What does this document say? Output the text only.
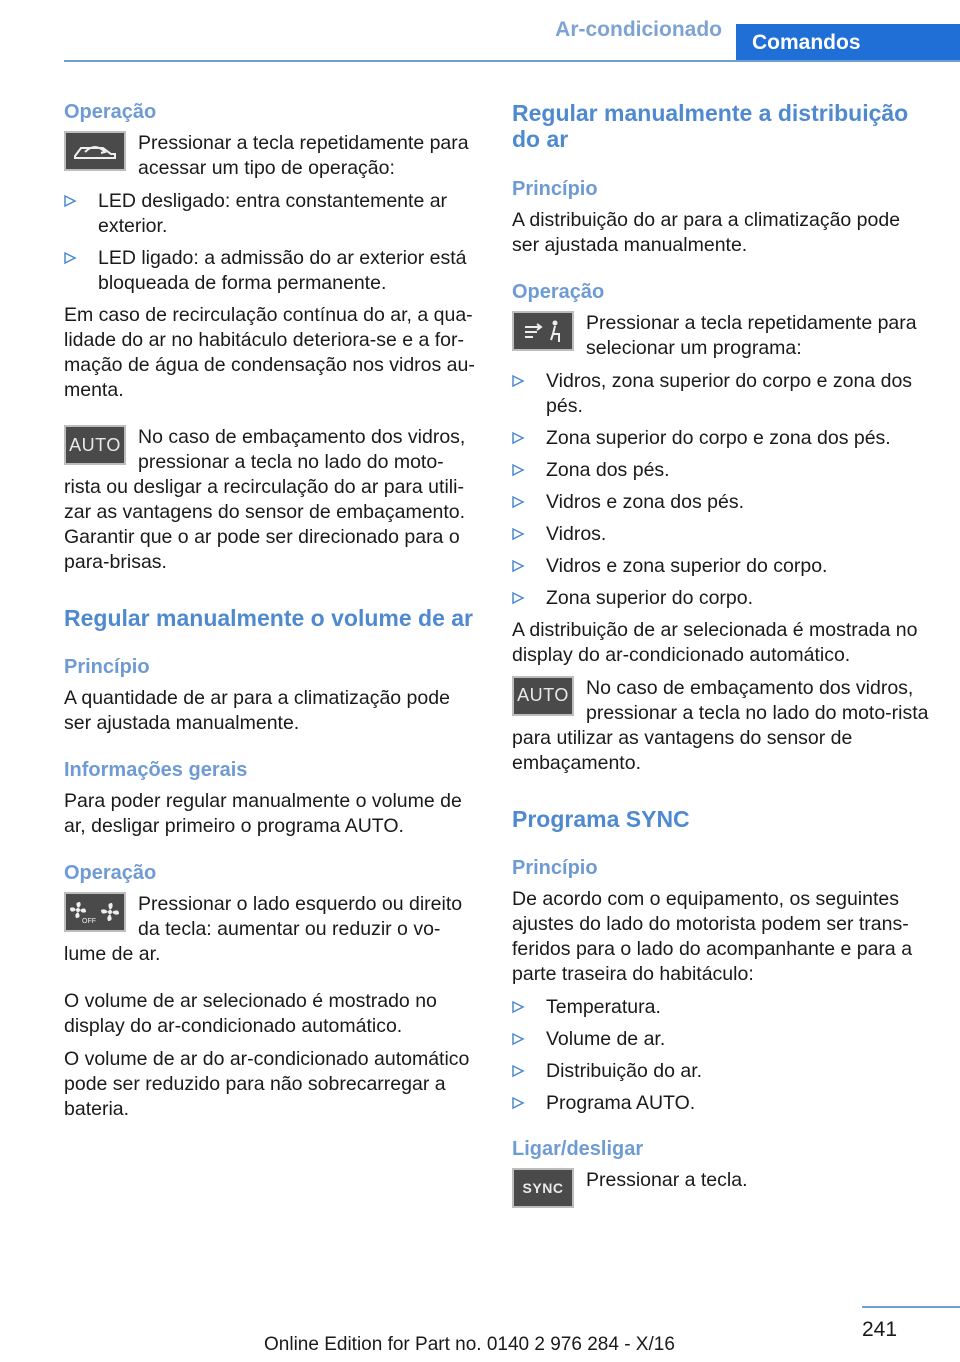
Ar-condicionado
Comandos
Operação
Pressionar a tecla repetidamente para acessar um tipo de operação:
LED desligado: entra constantemente ar exterior.
LED ligado: a admissão do ar exterior está bloqueada de forma permanente.

Em caso de recirculação contínua do ar, a qua-lidade do ar no habitáculo deteriora-se e a for-mação de água de condensação nos vidros au-menta.

AUTO No caso de embaçamento dos vidros, pressionar a tecla no lado do moto-rista ou desligar a recirculação do ar para utili-zar as vantagens do sensor de embaçamento. Garantir que o ar pode ser direcionado para o para-brisas.
Regular manualmente o volume de ar
Princípio

A quantidade de ar para a climatização pode ser ajustada manualmente.

Informações gerais

Para poder regular manualmente o volume de ar, desligar primeiro o programa AUTO.

Operação
OFF
Pressionar o lado esquerdo ou direito da tecla: aumentar ou reduzir o vo-lume de ar.

O volume de ar selecionado é mostrado no display do ar-condicionado automático.

O volume de ar do ar-condicionado automático pode ser reduzido para não sobrecarregar a bateria.

Regular manualmente a distribuição do ar
Princípio

A distribuição do ar para a climatização pode ser ajustada manualmente.

Operação
Pressionar a tecla repetidamente para selecionar um programa:
Vidros, zona superior do corpo e zona dos pés.
Zona superior do corpo e zona dos pés.
Zona dos pés.
Vidros e zona dos pés.
Vidros.
Vidros e zona superior do corpo.
Zona superior do corpo.

A distribuição de ar selecionada é mostrada no display do ar-condicionado automático.

AUTO No caso de embaçamento dos vidros, pressionar a tecla no lado do moto-rista para utilizar as vantagens do sensor de embaçamento.
Programa SYNC
Princípio

De acordo com o equipamento, os seguintes ajustes do lado do motorista podem ser trans-feridos para o lado do acompanhante e para a parte traseira do habitáculo:

Temperatura.
Volume de ar.
Distribuição do ar.
Programa AUTO.
Ligar/desligar
SYNC Pressionar a tecla.
241
Online Edition for Part no. 0140 2 976 284 - X/16
